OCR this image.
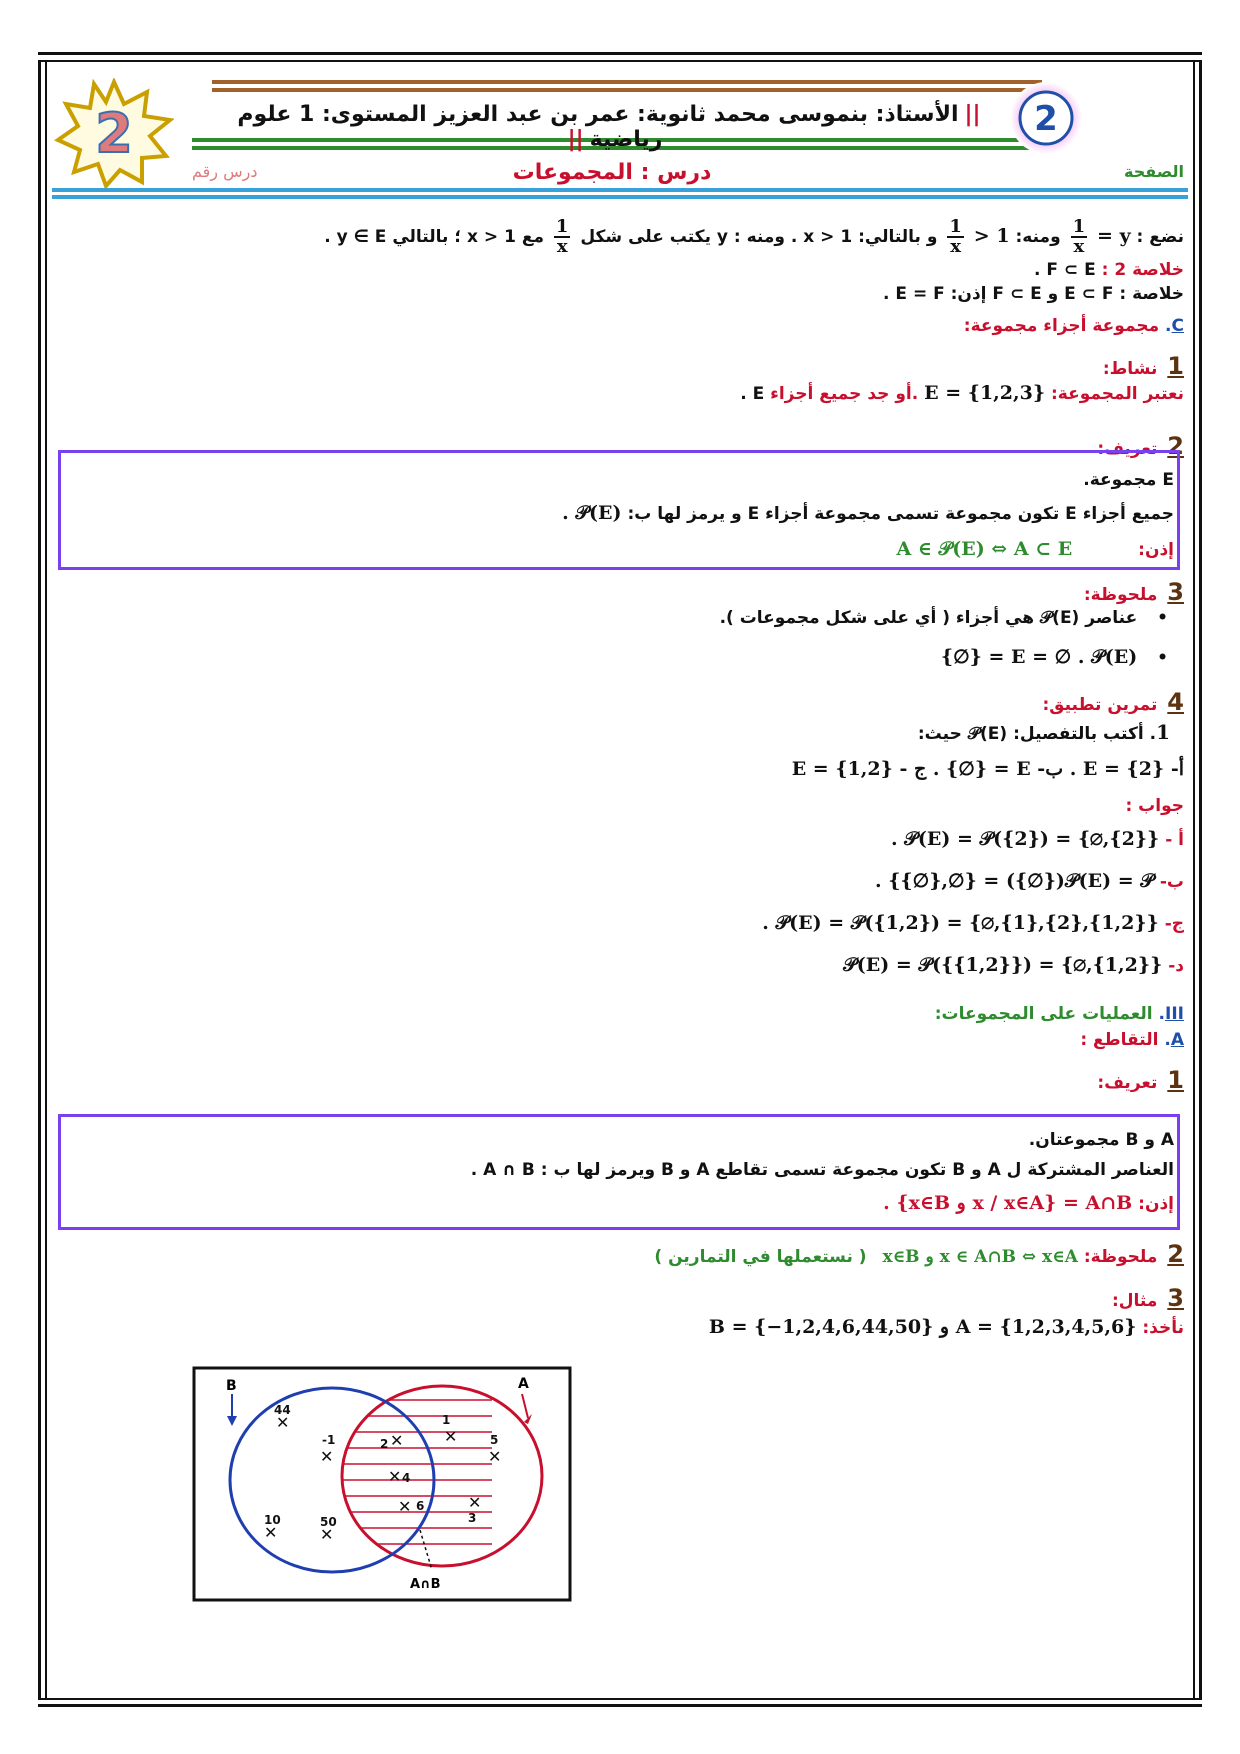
2	2
||الأستاذ: بنموسى محمد ثانوية: عمر بن عبد العزيز المستوى: 1 علوم رياضية||
درس : المجموعات	الصفحة
درس رقم
نضع : y =
$\frac{1}{x}$
ومنه: 1 <
$\frac{1}{x}$
و بالتالي: 1 < x . ومنه : y يكتب على شكل
$\frac{1}{x}$
مع 1 < x ؛ بالتالي y ∈ E .
خلاصة 2 : F ⊂ E .
خلاصة : E ⊂ F و F ⊂ E إذن: E = F .
C. مجموعة أجزاء مجموعة:
1 نشاط:
نعتبر المجموعة: E = {1,2,3} .أو جد جميع أجزاء E .
2 تعريف:
E مجموعة.
جميع أجزاء E تكون مجموعة تسمى مجموعة أجزاء E و يرمز لها ب: 𝒫(E) .
إذن: A ∈ 𝒫(E) ⇔ A ⊂ E
3 ملحوظة:
• عناصر 𝒫(E) هي أجزاء ( أي على شكل مجموعات ).
• E = ∅ . 𝒫(E) = {∅}
4 تمرين تطبيق:
1. أكتب بالتفصيل: 𝒫(E) حيث:
أ- E = {2} . ب- E = {∅} . ج - E = {1,2}
جواب :
أ - 𝒫(E) = 𝒫({2}) = {∅,{2}} .
ب- 𝒫(E) = 𝒫({∅}) = {∅,{∅}} .
ج- 𝒫(E) = 𝒫({1,2}) = {∅,{1},{2},{1,2}} .
د- 𝒫(E) = 𝒫({{1,2}}) = {∅,{1,2}}
III. العمليات على المجموعات:
A. التقاطع :
1 تعريف:
A و B مجموعتان.
العناصر المشتركة ل A و B تكون مجموعة تسمى تقاطع A و B ويرمز لها ب : A ∩ B .
إذن: A∩B = {x / x∈A و x∈B} .
2 ملحوظة: x ∈ A∩B ⇔ x∈A و x∈B ( نستعملها في التمارين )
3 مثال:
نأخذ: A = {1,2,3,4,5,6} و B = {−1,2,4,6,44,50}
A
B
A∩B
44
✕
-1
✕
10
✕
50
✕
2 ✕
4
✕
6
✕
1
✕	5
✕
3
✕
